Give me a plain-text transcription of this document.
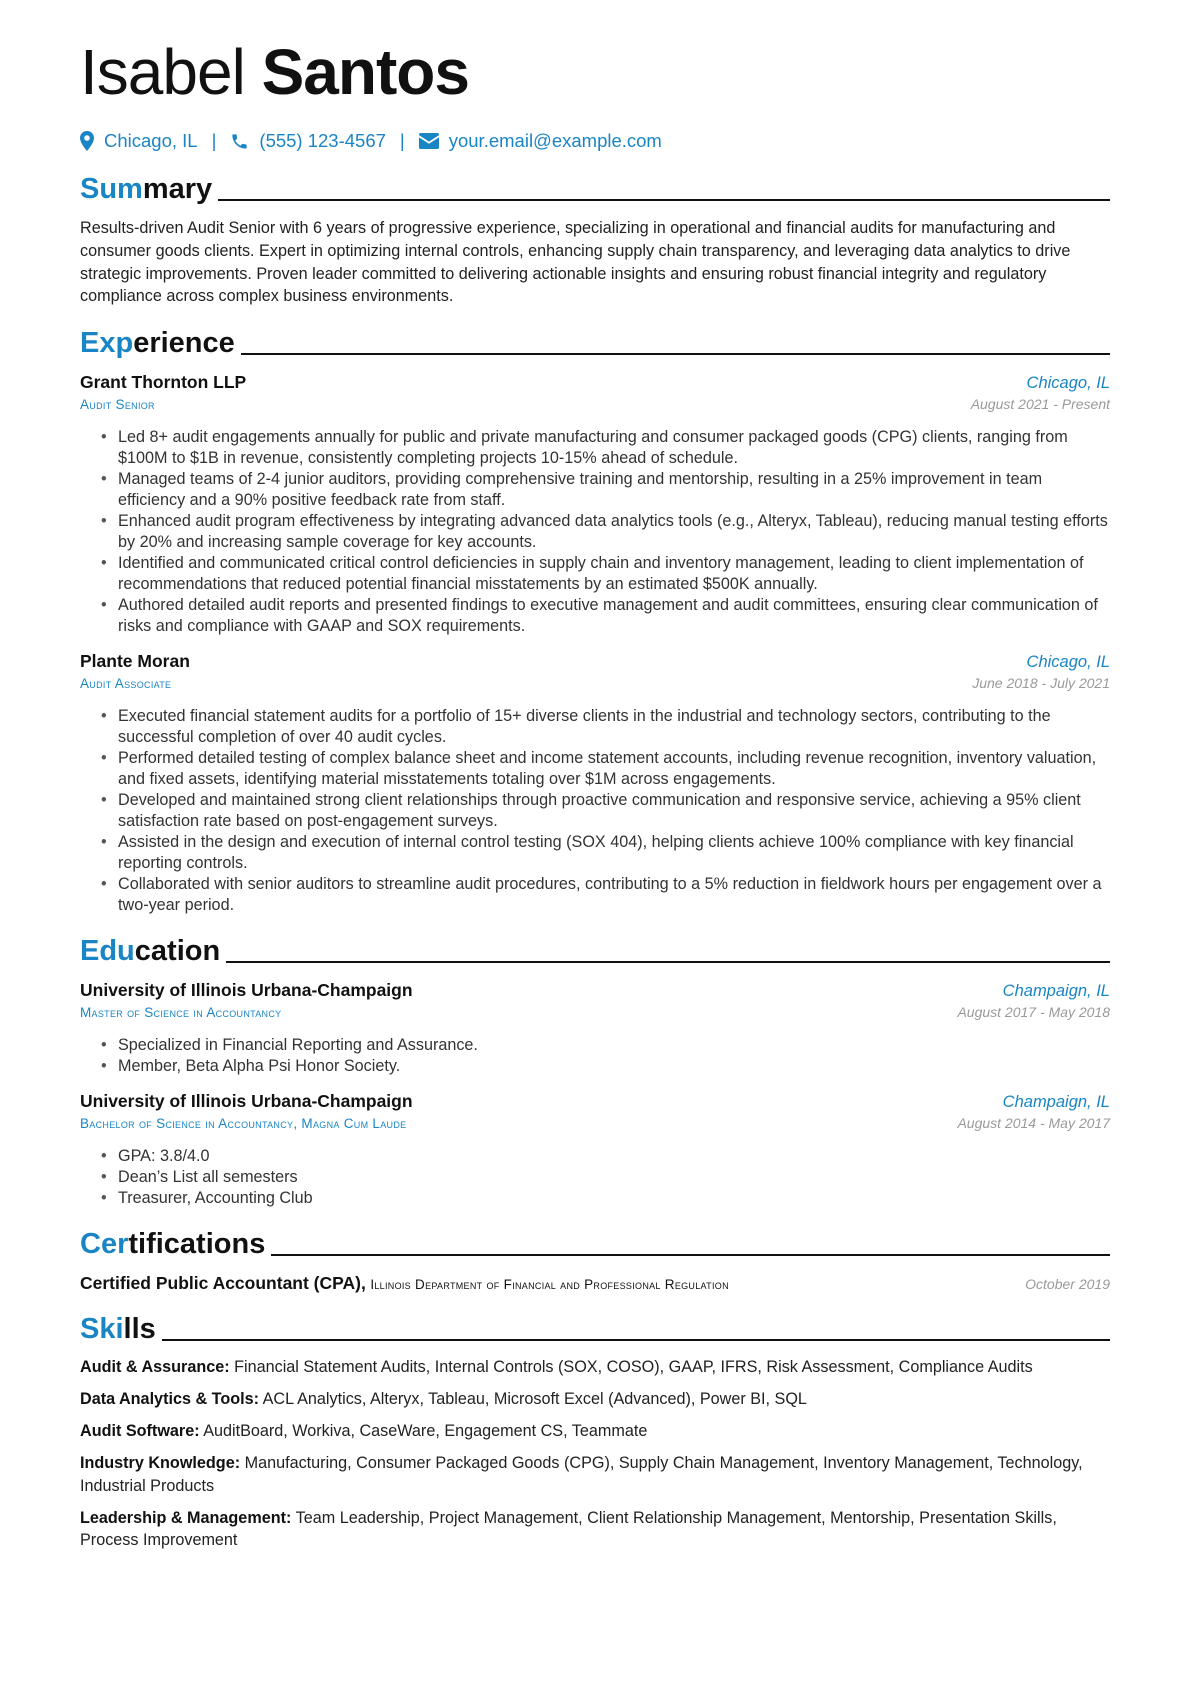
Isabel Santos
Chicago, IL | (555) 123-4567 | your.email@example.com
Summary
Results-driven Audit Senior with 6 years of progressive experience, specializing in operational and financial audits for manufacturing and consumer goods clients. Expert in optimizing internal controls, enhancing supply chain transparency, and leveraging data analytics to drive strategic improvements. Proven leader committed to delivering actionable insights and ensuring robust financial integrity and regulatory compliance across complex business environments.
Experience
Grant Thornton LLP	Chicago, IL
Audit Senior	August 2021 - Present
• Led 8+ audit engagements annually for public and private manufacturing and consumer packaged goods (CPG) clients, ranging from $100M to $1B in revenue, consistently completing projects 10-15% ahead of schedule.
• Managed teams of 2-4 junior auditors, providing comprehensive training and mentorship, resulting in a 25% improvement in team efficiency and a 90% positive feedback rate from staff.
• Enhanced audit program effectiveness by integrating advanced data analytics tools (e.g., Alteryx, Tableau), reducing manual testing efforts by 20% and increasing sample coverage for key accounts.
• Identified and communicated critical control deficiencies in supply chain and inventory management, leading to client implementation of recommendations that reduced potential financial misstatements by an estimated $500K annually.
• Authored detailed audit reports and presented findings to executive management and audit committees, ensuring clear communication of risks and compliance with GAAP and SOX requirements.
Plante Moran	Chicago, IL
Audit Associate	June 2018 - July 2021
• Executed financial statement audits for a portfolio of 15+ diverse clients in the industrial and technology sectors, contributing to the successful completion of over 40 audit cycles.
• Performed detailed testing of complex balance sheet and income statement accounts, including revenue recognition, inventory valuation, and fixed assets, identifying material misstatements totaling over $1M across engagements.
• Developed and maintained strong client relationships through proactive communication and responsive service, achieving a 95% client satisfaction rate based on post-engagement surveys.
• Assisted in the design and execution of internal control testing (SOX 404), helping clients achieve 100% compliance with key financial reporting controls.
• Collaborated with senior auditors to streamline audit procedures, contributing to a 5% reduction in fieldwork hours per engagement over a two-year period.
Education
University of Illinois Urbana-Champaign	Champaign, IL
Master of Science in Accountancy	August 2017 - May 2018
• Specialized in Financial Reporting and Assurance.
• Member, Beta Alpha Psi Honor Society.
University of Illinois Urbana-Champaign	Champaign, IL
Bachelor of Science in Accountancy, Magna Cum Laude	August 2014 - May 2017
• GPA: 3.8/4.0
• Dean’s List all semesters
• Treasurer, Accounting Club
Certifications
Certified Public Accountant (CPA), Illinois Department of Financial and Professional Regulation	October 2019
Skills
Audit & Assurance: Financial Statement Audits, Internal Controls (SOX, COSO), GAAP, IFRS, Risk Assessment, Compliance Audits
Data Analytics & Tools: ACL Analytics, Alteryx, Tableau, Microsoft Excel (Advanced), Power BI, SQL
Audit Software: AuditBoard, Workiva, CaseWare, Engagement CS, Teammate
Industry Knowledge: Manufacturing, Consumer Packaged Goods (CPG), Supply Chain Management, Inventory Management, Technology, Industrial Products
Leadership & Management: Team Leadership, Project Management, Client Relationship Management, Mentorship, Presentation Skills, Process Improvement
